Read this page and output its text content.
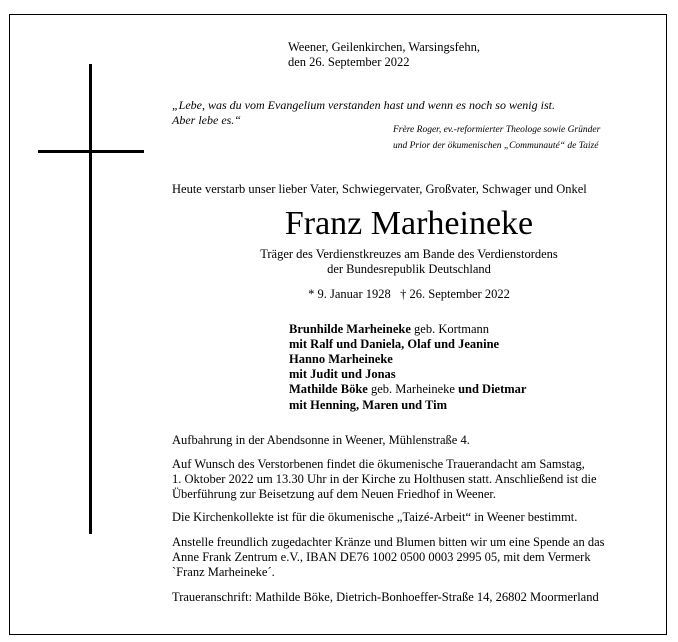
Weener, Geilenkirchen, Warsingsfehn,
den 26. September 2022
„Lebe, was du vom Evangelium verstanden hast und wenn es noch so wenig ist.
Aber lebe es.“
Frère Roger, ev.-reformierter Theologe sowie Gründer
und Prior der ökumenischen „Communauté“ de Taizé
Heute verstarb unser lieber Vater, Schwiegervater, Großvater, Schwager und Onkel
Franz Marheineke
Träger des Verdienstkreuzes am Bande des Verdienstordens
der Bundesrepublik Deutschland
* 9. Januar 1928   † 26. September 2022
Brunhilde Marheineke geb. Kortmann
mit Ralf und Daniela, Olaf und Jeanine
Hanno Marheineke
mit Judit und Jonas
Mathilde Böke geb. Marheineke und Dietmar
mit Henning, Maren und Tim
Aufbahrung in der Abendsonne in Weener, Mühlenstraße 4.
Auf Wunsch des Verstorbenen findet die ökumenische Trauerandacht am Samstag,
1. Oktober 2022 um 13.30 Uhr in der Kirche zu Holthusen statt. Anschließend ist die
Überführung zur Beisetzung auf dem Neuen Friedhof in Weener.
Die Kirchenkollekte ist für die ökumenische „Taizé-Arbeit“ in Weener bestimmt.
Anstelle freundlich zugedachter Kränze und Blumen bitten wir um eine Spende an das
Anne Frank Zentrum e.V., IBAN DE76 1002 0500 0003 2995 05, mit dem Vermerk
`Franz Marheineke´.
Traueranschrift: Mathilde Böke, Dietrich-Bonhoeffer-Straße 14, 26802 Moormerland
